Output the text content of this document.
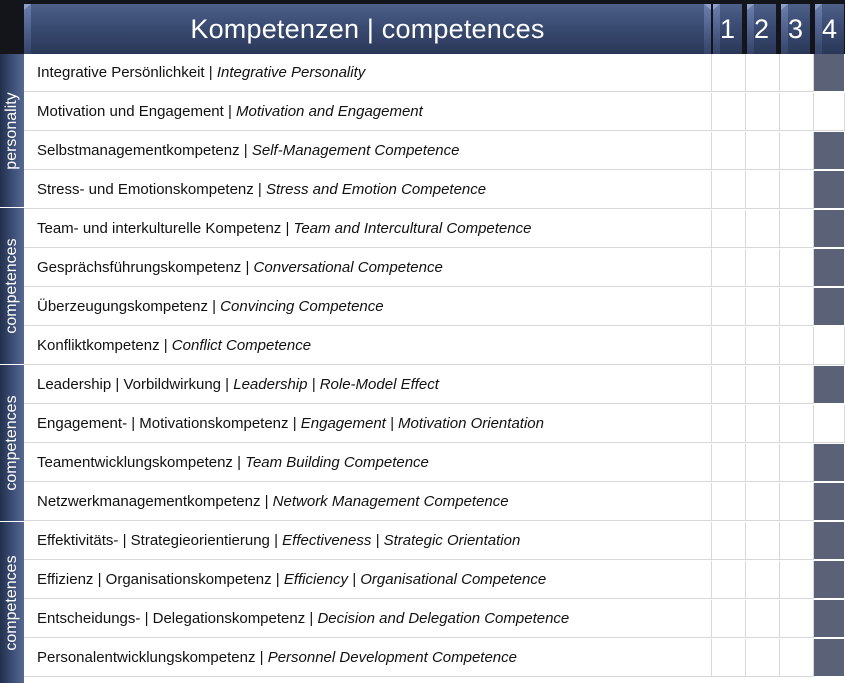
Kompetenzen | competences	1 2 3 4
personality
competences
competences
competences
Integrative Persönlichkeit | Integrative Personality
Motivation und Engagement | Motivation and Engagement
Selbstmanagementkompetenz | Self-Management Competence
Stress- und Emotionskompetenz | Stress and Emotion Competence
Team- und interkulturelle Kompetenz | Team and Intercultural Competence
Gesprächsführungskompetenz | Conversational Competence
Überzeugungskompetenz | Convincing Competence
Konfliktkompetenz | Conflict Competence
Leadership | Vorbildwirkung | Leadership | Role-Model Effect
Engagement- | Motivationskompetenz | Engagement | Motivation Orientation
Teamentwicklungskompetenz | Team Building Competence
Netzwerkmanagementkompetenz | Network Management Competence
Effektivitäts- | Strategieorientierung | Effectiveness | Strategic Orientation
Effizienz | Organisationskompetenz | Efficiency | Organisational Competence
Entscheidungs- | Delegationskompetenz | Decision and Delegation Competence
Personalentwicklungskompetenz | Personnel Development Competence
